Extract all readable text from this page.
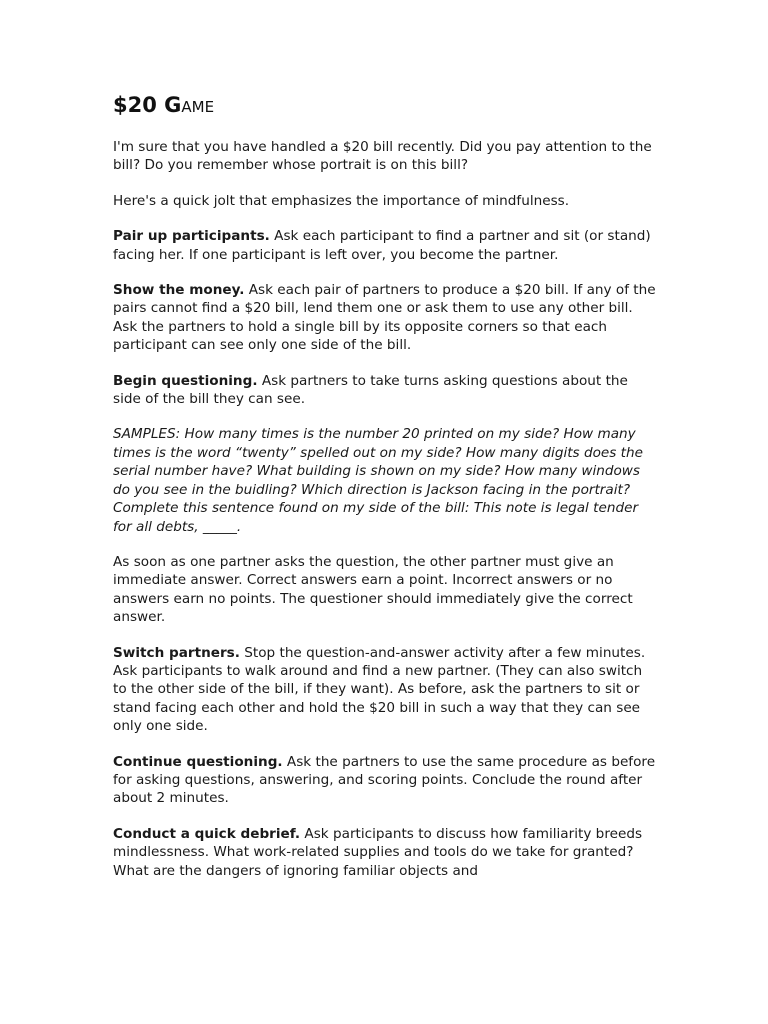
$20 GAME

I'm sure that you have handled a $20 bill recently. Did you pay attention to the bill? Do you remember whose portrait is on this bill?

Here's a quick jolt that emphasizes the importance of mindfulness.

Pair up participants. Ask each participant to find a partner and sit (or stand) facing her. If one participant is left over, you become the partner.

Show the money. Ask each pair of partners to produce a $20 bill. If any of the pairs cannot find a $20 bill, lend them one or ask them to use any other bill. Ask the partners to hold a single bill by its opposite corners so that each participant can see only one side of the bill.

Begin questioning. Ask partners to take turns asking questions about the side of the bill they can see.

SAMPLES: How many times is the number 20 printed on my side? How many times is the word “twenty” spelled out on my side? How many digits does the serial number have? What building is shown on my side? How many windows do you see in the buidling? Which direction is Jackson facing in the portrait? Complete this sentence found on my side of the bill: This note is legal tender for all debts, _____.

As soon as one partner asks the question, the other partner must give an immediate answer. Correct answers earn a point. Incorrect answers or no answers earn no points. The questioner should immediately give the correct answer.

Switch partners. Stop the question-and-answer activity after a few minutes. Ask participants to walk around and find a new partner. (They can also switch to the other side of the bill, if they want). As before, ask the partners to sit or stand facing each other and hold the $20 bill in such a way that they can see only one side.

Continue questioning. Ask the partners to use the same procedure as before for asking questions, answering, and scoring points. Conclude the round after about 2 minutes.

Conduct a quick debrief. Ask participants to discuss how familiarity breeds mindlessness. What work-related supplies and tools do we take for granted? What are the dangers of ignoring familiar objects and
